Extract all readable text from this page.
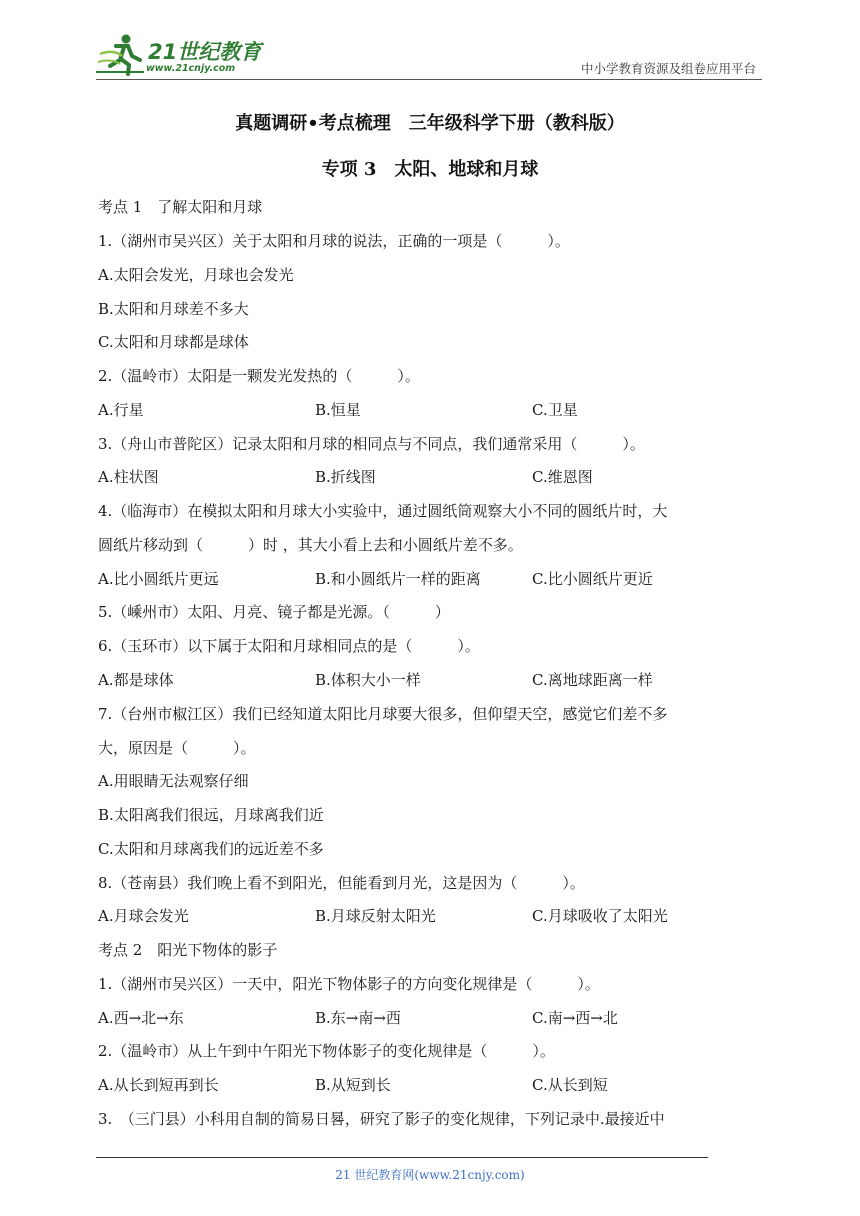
21世纪教育
www.21cnjy.com	中小学教育资源及组卷应用平台
真题调研•考点梳理　三年级科学下册（教科版）
专项 3　太阳、地球和月球
考点 1　了解太阳和月球
1.（湖州市吴兴区）关于太阳和月球的说法，正确的一项是（　　　）。
A.太阳会发光，月球也会发光
B.太阳和月球差不多大
C.太阳和月球都是球体
2.（温岭市）太阳是一颗发光发热的（　　　）。
A.行星	B.恒星	C.卫星
3.（舟山市普陀区）记录太阳和月球的相同点与不同点，我们通常采用（　　　）。
A.柱状图	B.折线图	C.维恩图
4.（临海市）在模拟太阳和月球大小实验中，通过圆纸筒观察大小不同的圆纸片时，大
圆纸片移动到（　　　）时 ，其大小看上去和小圆纸片差不多。
A.比小圆纸片更远	B.和小圆纸片一样的距离	C.比小圆纸片更近
5.（嵊州市）太阳、月亮、镜子都是光源。（　　　）
6.（玉环市）以下属于太阳和月球相同点的是（　　　）。
A.都是球体	B.体积大小一样	C.离地球距离一样
7.（台州市椒江区）我们已经知道太阳比月球要大很多，但仰望天空，感觉它们差不多
大，原因是（　　　）。
A.用眼睛无法观察仔细
B.太阳离我们很远，月球离我们近
C.太阳和月球离我们的远近差不多
8.（苍南县）我们晚上看不到阳光，但能看到月光，这是因为（　　　）。
A.月球会发光	B.月球反射太阳光	C.月球吸收了太阳光
考点 2　阳光下物体的影子
1.（湖州市吴兴区）一天中，阳光下物体影子的方向变化规律是（　　　）。
A.西→北→东	B.东→南→西	C.南→西→北
2.（温岭市）从上午到中午阳光下物体影子的变化规律是（　　　）。
A.从长到短再到长	B.从短到长	C.从长到短
3.　（三门县）小科用自制的简易日晷，研究了影子的变化规律，下列记录中.最接近中
21 世纪教育网(www.21cnjy.com)
